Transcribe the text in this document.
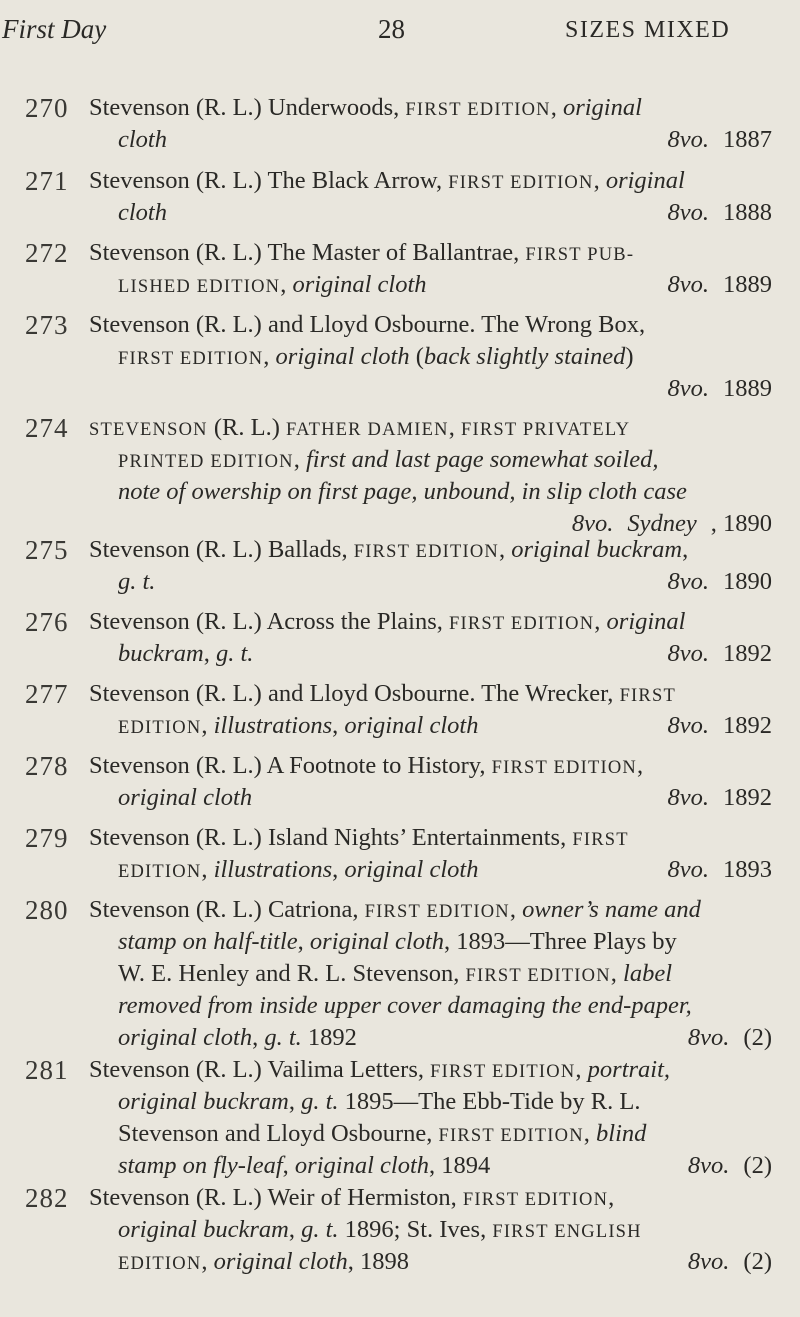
First Day	28	SIZES MIXED
270 Stevenson (R. L.) Underwoods, FIRST EDITION, original
cloth	8vo. 1887
271 Stevenson (R. L.) The Black Arrow, FIRST EDITION, original
cloth	8vo. 1888
272 Stevenson (R. L.) The Master of Ballantrae, FIRST PUB-
LISHED EDITION, original cloth	8vo. 1889
273 Stevenson (R. L.) and Lloyd Osbourne. The Wrong Box,
FIRST EDITION, original cloth (back slightly stained)
8vo. 1889
274 STEVENSON (R. L.) FATHER DAMIEN, FIRST PRIVATELY
PRINTED EDITION, first and last page somewhat soiled,
note of owership on first page, unbound, in slip cloth case
8vo. Sydney , 1890
275 Stevenson (R. L.) Ballads, FIRST EDITION, original buckram,
g. t.	8vo. 1890
276 Stevenson (R. L.) Across the Plains, FIRST EDITION, original
buckram, g. t.	8vo. 1892
277 Stevenson (R. L.) and Lloyd Osbourne. The Wrecker, FIRST
EDITION, illustrations, original cloth	8vo. 1892
278 Stevenson (R. L.) A Footnote to History, FIRST EDITION,
original cloth	8vo. 1892
279 Stevenson (R. L.) Island Nights’ Entertainments, FIRST
EDITION, illustrations, original cloth	8vo. 1893
280 Stevenson (R. L.) Catriona, FIRST EDITION, owner’s name and
stamp on half-title, original cloth, 1893—Three Plays by
W. E. Henley and R. L. Stevenson, FIRST EDITION, label
removed from inside upper cover damaging the end-paper,
original cloth, g. t. 1892	8vo. (2)
281 Stevenson (R. L.) Vailima Letters, FIRST EDITION, portrait,
original buckram, g. t. 1895—The Ebb-Tide by R. L.
Stevenson and Lloyd Osbourne, FIRST EDITION, blind
stamp on fly-leaf, original cloth, 1894	8vo. (2)
282 Stevenson (R. L.) Weir of Hermiston, FIRST EDITION,
original buckram, g. t. 1896; St. Ives, FIRST ENGLISH
EDITION, original cloth, 1898	8vo. (2)
